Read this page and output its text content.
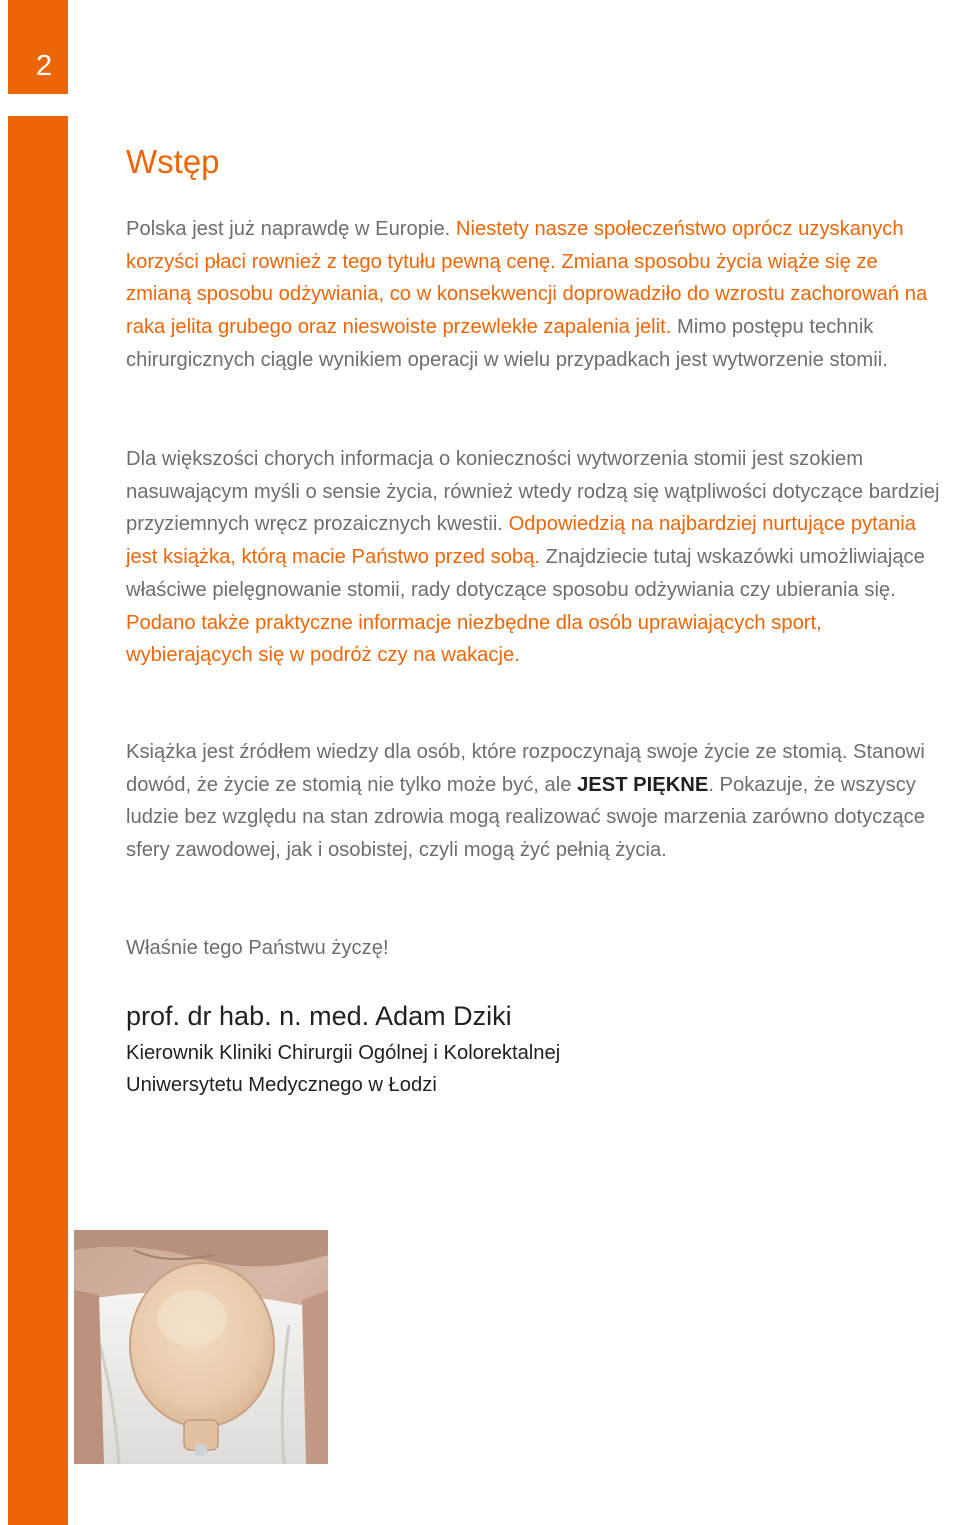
2
Wstęp

Polska jest już naprawdę w Europie. Niestety nasze społeczeństwo oprócz uzyskanych korzyści płaci rownież z tego tytułu pewną cenę. Zmiana sposobu życia wiąże się ze zmianą sposobu odżywiania, co w konsekwencji doprowadziło do wzrostu zachorowań na raka jelita grubego oraz nieswoiste przewlekłe zapalenia jelit. Mimo postępu technik chirurgicznych ciągle wynikiem operacji w wielu przypadkach jest wytworzenie stomii.

Dla większości chorych informacja o konieczności wytworzenia stomii jest szokiem nasuwającym myśli o sensie życia, również wtedy rodzą się wątpliwości dotyczące bardziej przyziemnych wręcz prozaicznych kwestii. Odpowiedzią na najbardziej nurtujące pytania jest książka, którą macie Państwo przed sobą. Znajdziecie tutaj wskazówki umożliwiające właściwe pielęgnowanie stomii, rady dotyczące sposobu odżywiania czy ubierania się. Podano także praktyczne informacje niezbędne dla osób uprawiających sport, wybierających się w podróż czy na wakacje.

Książka jest źródłem wiedzy dla osób, które rozpoczynają swoje życie ze stomią. Stanowi dowód, że życie ze stomią nie tylko może być, ale JEST PIĘKNE. Pokazuje, że wszyscy ludzie bez względu na stan zdrowia mogą realizować swoje marzenia zarówno dotyczące sfery zawodowej, jak i osobistej, czyli mogą żyć pełnią życia.

Właśnie tego Państwu życzę!

prof. dr hab. n. med. Adam Dziki

Kierownik Kliniki Chirurgii Ogólnej i Kolorektalnej

Uniwersytetu Medycznego w Łodzi
